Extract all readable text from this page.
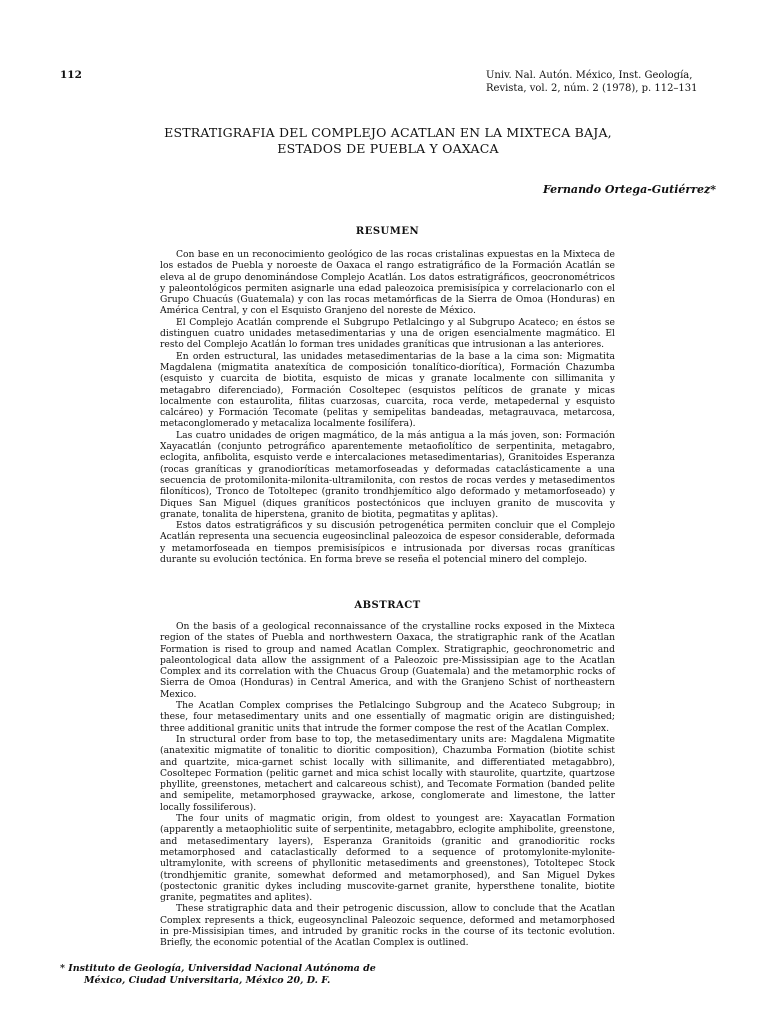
112	Univ. Nal. Autón. México, Inst. Geología,
Revista, vol. 2, núm. 2 (1978), p. 112–131
ESTRATIGRAFIA DEL COMPLEJO ACATLAN EN LA MIXTECA BAJA,
ESTADOS DE PUEBLA Y OAXACA
Fernando Ortega-Gutiérrez*
RESUMEN

Con base en un reconocimiento geológico de las rocas cristalinas expuestas en la Mixteca de los estados de Puebla y noroeste de Oaxaca el rango estratigráfico de la Formación Acatlán se eleva al de grupo denominándose Complejo Acatlán. Los datos estratigráficos, geocronométricos y paleontológicos permiten asignarle una edad paleozoica premisisípica y correlacionarlo con el Grupo Chuacús (Guatemala) y con las rocas metamórficas de la Sierra de Omoa (Honduras) en América Central, y con el Esquisto Granjeno del noreste de México.

El Complejo Acatlán comprende el Subgrupo Petlalcingo y al Subgrupo Acateco; en éstos se distinguen cuatro unidades metasedimentarias y una de origen esencialmente magmático. El resto del Complejo Acatlán lo forman tres unidades graníticas que intrusionan a las anteriores.

En orden estructural, las unidades metasedimentarias de la base a la cima son: Migmatita Magdalena (migmatita anatexítica de composición tonalítico-diorítica), Formación Chazumba (esquisto y cuarcita de biotita, esquisto de micas y granate localmente con sillimanita y metagabro diferenciado), Formación Cosoltepec (esquistos pelíticos de granate y micas localmente con estaurolita, filitas cuarzosas, cuarcita, roca verde, metapedernal y esquisto calcáreo) y Formación Tecomate (pelitas y semipelitas bandeadas, metagrauvaca, metarcosa, metaconglomerado y metacaliza localmente fosilífera).

Las cuatro unidades de origen magmático, de la más antigua a la más joven, son: Formación Xayacatlán (conjunto petrográfico aparentemente metaofiolítico de serpentinita, metagabro, eclogita, anfibolita, esquisto verde e intercalaciones metasedimentarias), Granitoides Esperanza (rocas graníticas y granodioríticas metamorfoseadas y deformadas cataclásticamente a una secuencia de protomilonita-milonita-ultramilonita, con restos de rocas verdes y metasedimentos filoníticos), Tronco de Totoltepec (granito trondhjemítico algo deformado y metamorfoseado) y Diques San Miguel (diques graníticos postectónicos que incluyen granito de muscovita y granate, tonalita de hiperstena, granito de biotita, pegmatitas y aplitas).

Estos datos estratigráficos y su discusión petrogenética permiten concluir que el Complejo Acatlán representa una secuencia eugeosinclinal paleozoica de espesor considerable, deformada y metamorfoseada en tiempos premisisípicos e intrusionada por diversas rocas graníticas durante su evolución tectónica. En forma breve se reseña el potencial minero del complejo.

ABSTRACT

On the basis of a geological reconnaissance of the crystalline rocks exposed in the Mixteca region of the states of Puebla and northwestern Oaxaca, the stratigraphic rank of the Acatlan Formation is rised to group and named Acatlan Complex. Stratigraphic, geochronometric and paleontological data allow the assignment of a Paleozoic pre-Mississipian age to the Acatlan Complex and its correlation with the Chuacus Group (Guatemala) and the metamorphic rocks of Sierra de Omoa (Honduras) in Central America, and with the Granjeno Schist of northeastern Mexico.

The Acatlan Complex comprises the Petlalcingo Subgroup and the Acateco Subgroup; in these, four metasedimentary units and one essentially of magmatic origin are distinguished; three additional granitic units that intrude the former compose the rest of the Acatlan Complex.

In structural order from base to top, the metasedimentary units are: Magdalena Migmatite (anatexitic migmatite of tonalitic to dioritic composition), Chazumba Formation (biotite schist and quartzite, mica-garnet schist locally with sillimanite, and differentiated metagabbro), Cosoltepec Formation (pelitic garnet and mica schist locally with staurolite, quartzite, quartzose phyllite, greenstones, metachert and calcareous schist), and Tecomate Formation (banded pelite and semipelite, metamorphosed graywacke, arkose, conglomerate and limestone, the latter locally fossiliferous).

The four units of magmatic origin, from oldest to youngest are: Xayacatlan Formation (apparently a metaophiolitic suite of serpentinite, metagabbro, eclogite amphibolite, greenstone, and metasedimentary layers), Esperanza Granitoids (granitic and granodioritic rocks metamorphosed and cataclastically deformed to a sequence of protomylonite-mylonite-ultramylonite, with screens of phyllonitic metasediments and greenstones), Totoltepec Stock (trondhjemitic granite, somewhat deformed and metamorphosed), and San Miguel Dykes (postectonic granitic dykes including muscovite-garnet granite, hypersthene tonalite, biotite granite, pegmatites and aplites).

These stratigraphic data and their petrogenic discussion, allow to conclude that the Acatlan Complex represents a thick, eugeosynclinal Paleozoic sequence, deformed and metamorphosed in pre-Missisipian times, and intruded by granitic rocks in the course of its tectonic evolution. Briefly, the economic potential of the Acatlan Complex is outlined.

* Instituto de Geología, Universidad Nacional Autónoma de
México, Ciudad Universitaria, México 20, D. F.
